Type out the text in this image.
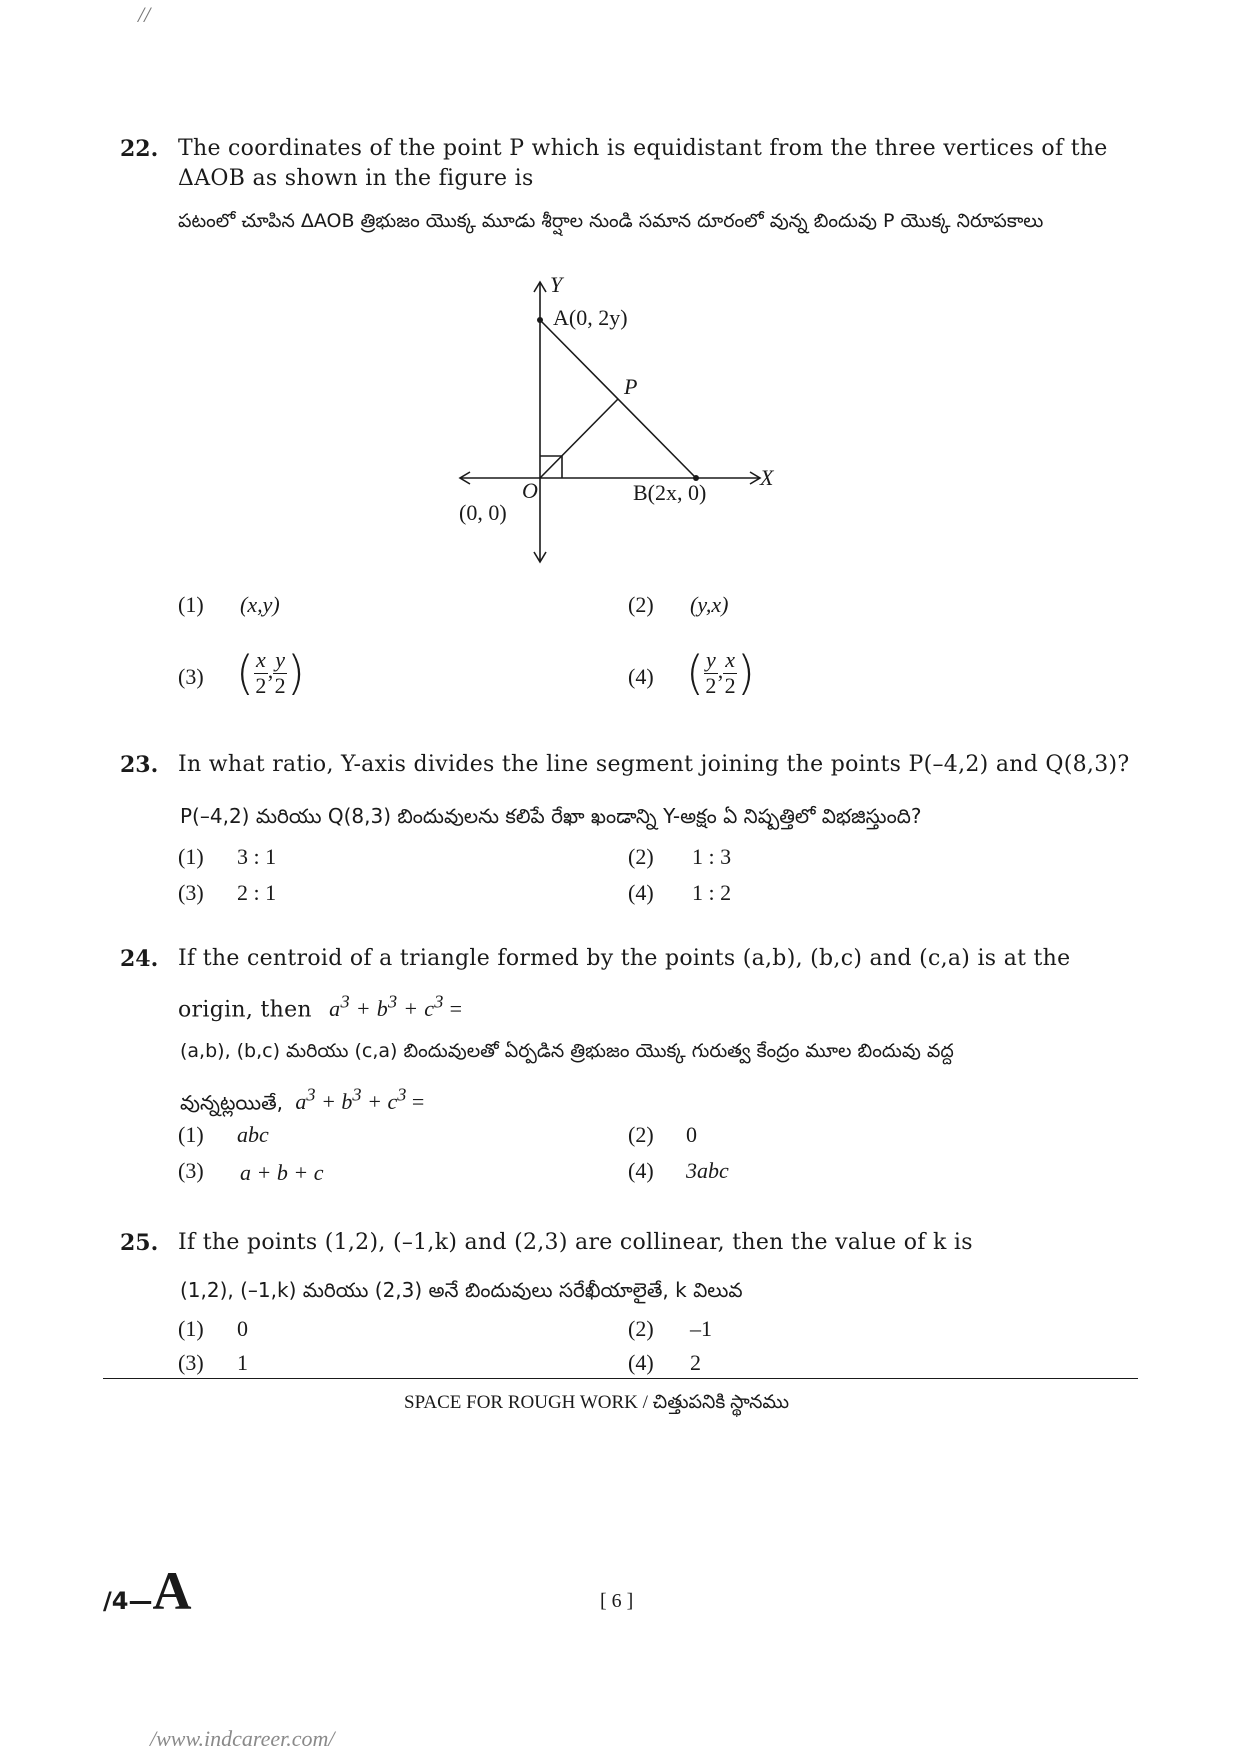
//
22. The coordinates of the point P which is equidistant from the three vertices of the
ΔAOB as shown in the figure is
పటంలో చూపిన ΔAOB త్రిభుజం యొక్క మూడు శీర్షాల నుండి సమాన దూరంలో వున్న బిందువు P యొక్క నిరూపకాలు
Y
A(0, 2y)
P
X
O	B(2x, 0)
(0, 0)
(1) (x,y)	(2) (y,x)
(3) ( $\frac{x}{2}$ , $\frac{y}{2}$ )	(4) ( $\frac{y}{2}$ , $\frac{x}{2}$ )
23. In what ratio, Y-axis divides the line segment joining the points P(–4,2) and Q(8,3)?
P(–4,2) మరియు Q(8,3) బిందువులను కలిపే రేఖా ఖండాన్ని Y-అక్షం ఏ నిష్పత్తిలో విభజిస్తుంది?
(1) 3 : 1	(2) 1 : 3
(3) 2 : 1	(4) 1 : 2
24. If the centroid of a triangle formed by the points (a,b), (b,c) and (c,a) is at the
origin, then $a^3 + b^3 + c^3$ =
(a,b), (b,c) మరియు (c,a) బిందువులతో ఏర్పడిన త్రిభుజం యొక్క గురుత్వ కేంద్రం మూల బిందువు వద్ద
వున్నట్లయితే, $a^3 + b^3 + c^3$ =
(1) abc	(2) 0
(3) a + b + c	(4) 3abc
25. If the points (1,2), (–1,k) and (2,3) are collinear, then the value of k is
(1,2), (–1,k) మరియు (2,3) అనే బిందువులు సరేఖీయాలైతే, k విలువ
(1) 0	(2) –1
(3) 1	(4) 2
SPACE FOR ROUGH WORK / చిత్తుపనికి స్థానము
/4—A	[ 6 ]
/www.indcareer.com/
